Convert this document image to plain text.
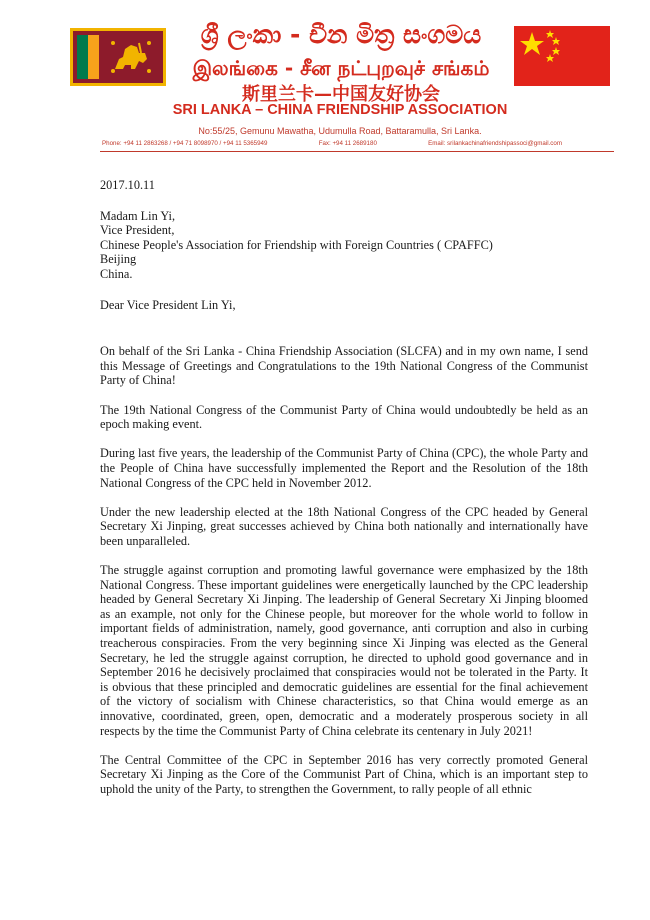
ශ්‍රී ලංකා - චීන මිත්‍ර සංගමය
இலங்கை - சீன நட்புறவுச் சங்கம்
斯里兰卡—中国友好协会
SRI LANKA – CHINA FRIENDSHIP ASSOCIATION
No:55/25, Gemunu Mawatha, Udumulla Road, Battaramulla, Sri Lanka.
Phone: +94 11 2863268 / +94 71 8098970 / +94 11 5365949	Fax: +94 11 2689180	Email: srilankachinafriendshipassoci@gmail.com
2017.10.11
Madam Lin Yi,
Vice President,
Chinese People's Association for Friendship with Foreign Countries ( CPAFFC)
Beijing
China.
Dear Vice President Lin Yi,

On behalf of the Sri Lanka - China Friendship Association (SLCFA) and in my own name, I send this Message of Greetings and Congratulations to the 19th National Congress of the Communist Party of China!

The 19th National Congress of the Communist Party of China would undoubtedly be held as an epoch making event.

During last five years, the leadership of the Communist Party of China (CPC), the whole Party and the People of China have successfully implemented the Report and the Resolution of the 18th National Congress of the CPC held in November 2012.

Under the new leadership elected at the 18th National Congress of the CPC headed by General Secretary Xi Jinping, great successes achieved by China both nationally and internationally have been unparalleled.

The struggle against corruption and promoting lawful governance were emphasized by the 18th National Congress. These important guidelines were energetically launched by the CPC leadership headed by General Secretary Xi Jinping. The leadership of General Secretary Xi Jinping bloomed as an example, not only for the Chinese people, but moreover for the whole world to follow in important fields of administration, namely, good governance, anti corruption and also in curbing treacherous conspiracies. From the very beginning since Xi Jinping was elected as the General Secretary, he led the struggle against corruption, he directed to uphold good governance and in September 2016 he decisively proclaimed that conspiracies would not be tolerated in the Party. It is obvious that these principled and democratic guidelines are essential for the final achievement of the victory of socialism with Chinese characteristics, so that China would emerge as an innovative, coordinated, green, open, democratic and a moderately prosperous society in all respects by the time the Communist Party of China celebrate its centenary in July 2021!

The Central Committee of the CPC in September 2016 has very correctly promoted General Secretary Xi Jinping as the Core of the Communist Part of China, which is an important step to uphold the unity of the Party, to strengthen the Government, to rally people of all ethnic
